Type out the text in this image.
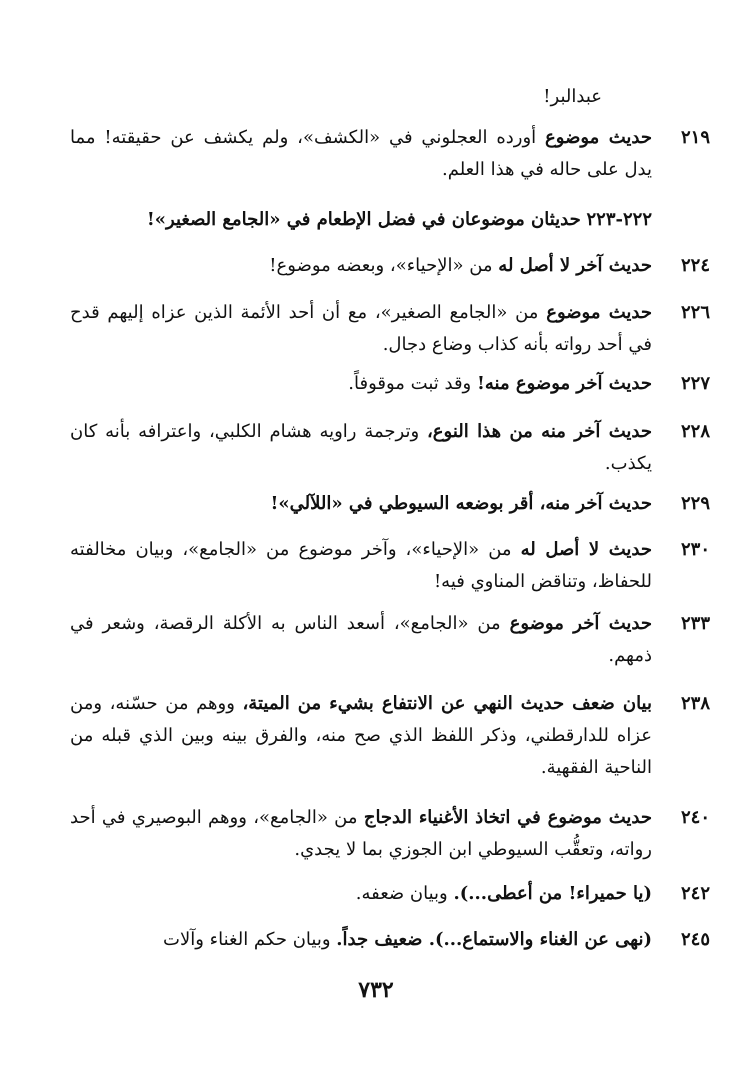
عبدالبر!
٢١٩
حديث موضوع أورده العجلوني في «الكشف»، ولم يكشف عن حقيقته! مما يدل على حاله في هذا العلم.
٢٢٢-٢٢٣ حديثان موضوعان في فضل الإطعام في «الجامع الصغير»!
٢٢٤
حديث آخر لا أصل له من «الإحياء»، وبعضه موضوع!
٢٢٦
حديث موضوع من «الجامع الصغير»، مع أن أحد الأئمة الذين عزاه إليهم قدح في أحد رواته بأنه كذاب وضاع دجال.
٢٢٧
حديث آخر موضوع منه! وقد ثبت موقوفاً.
٢٢٨
حديث آخر منه من هذا النوع، وترجمة راويه هشام الكلبي، واعترافه بأنه كان يكذب.
٢٢٩
حديث آخر منه، أقر بوضعه السيوطي في «اللآلي»!
٢٣٠
حديث لا أصل له من «الإحياء»، وآخر موضوع من «الجامع»، وبيان مخالفته للحفاظ، وتناقض المناوي فيه!
٢٣٣
حديث آخر موضوع من «الجامع»، أسعد الناس به الأكلة الرقصة، وشعر في ذمهم.
٢٣٨
بيان ضعف حديث النهي عن الانتفاع بشيء من الميتة، ووهم من حسّنه، ومن عزاه للدارقطني، وذكر اللفظ الذي صح منه، والفرق بينه وبين الذي قبله من الناحية الفقهية.
٢٤٠
حديث موضوع في اتخاذ الأغنياء الدجاج من «الجامع»، ووهم البوصيري في أحد رواته، وتعقُّب السيوطي ابن الجوزي بما لا يجدي.
٢٤٢
(يا حميراء! من أعطى...). وبيان ضعفه.
٢٤٥
(نهى عن الغناء والاستماع...). ضعيف جداً. وبيان حكم الغناء وآلات
٧٣٢
